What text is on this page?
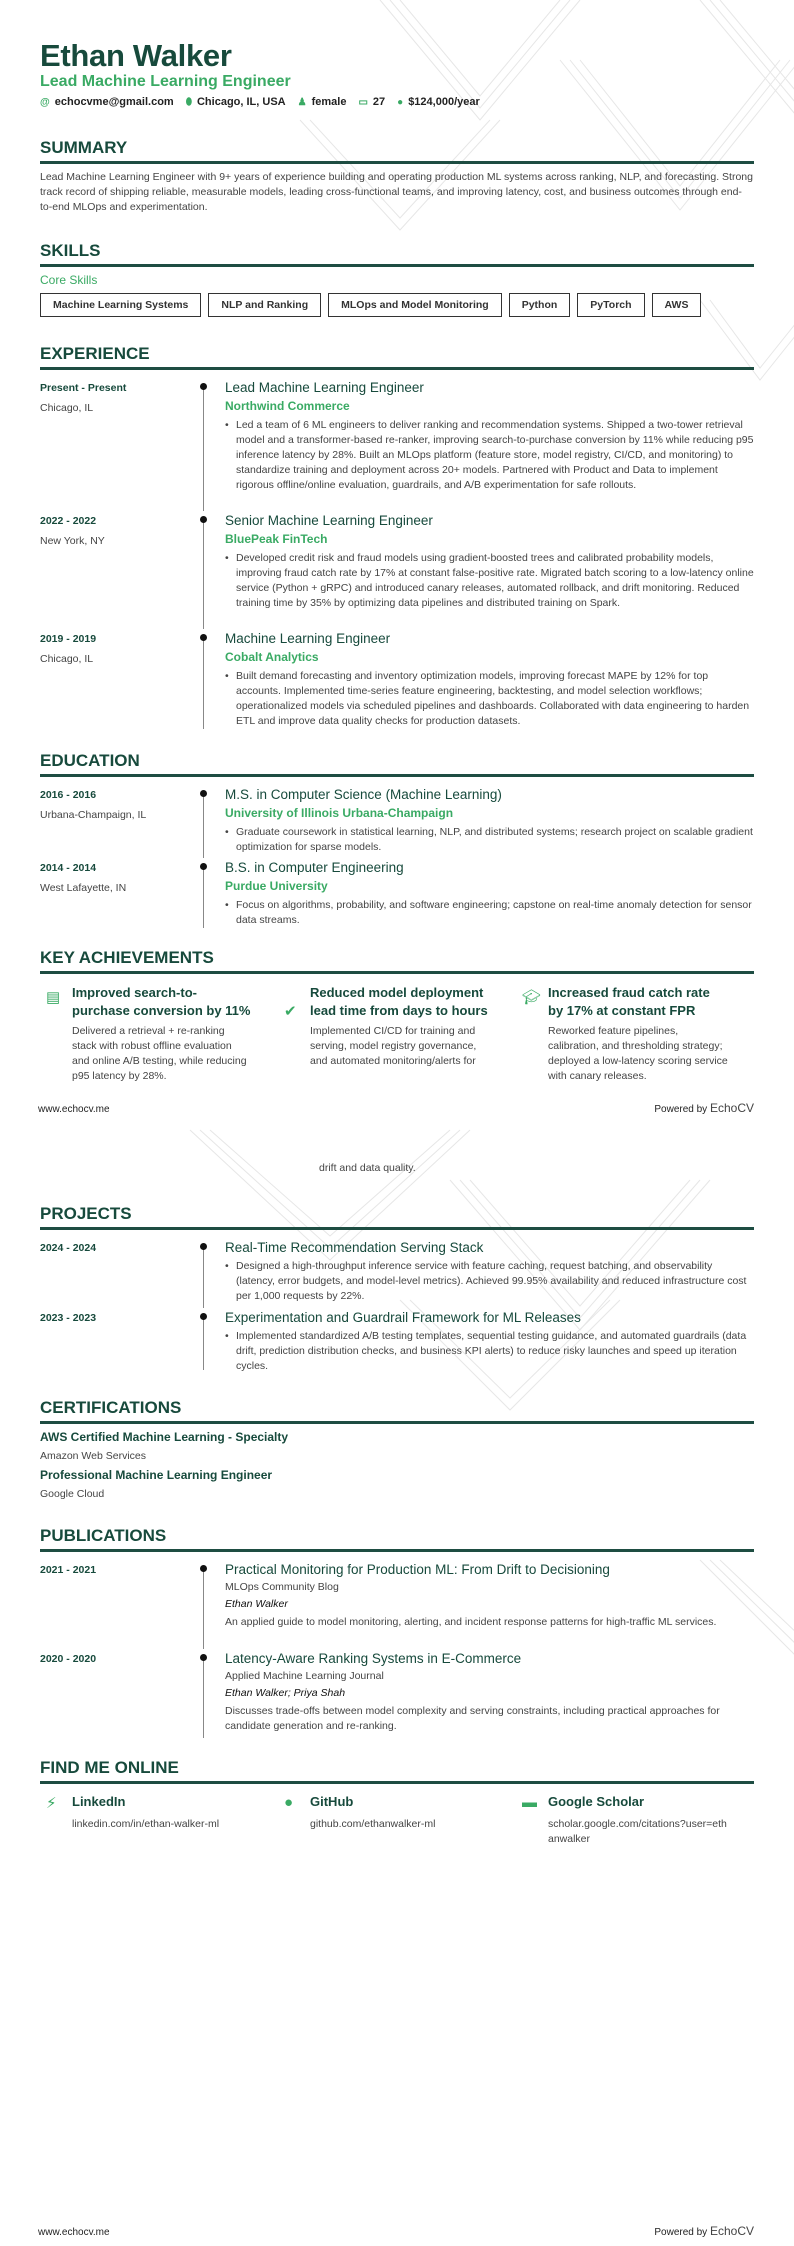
Ethan Walker
Lead Machine Learning Engineer
@ echocvme@gmail.com ⬮ Chicago, IL, USA ♟ female ▭ 27 ● $124,000/year
SUMMARY

Lead Machine Learning Engineer with 9+ years of experience building and operating production ML systems across ranking, NLP, and forecasting. Strong track record of shipping reliable, measurable models, leading cross-functional teams, and improving latency, cost, and business outcomes through end-to-end MLOps and experimentation.

SKILLS
Core Skills
Machine Learning Systems	NLP and Ranking	MLOps and Model Monitoring	Python	PyTorch	AWS
EXPERIENCE
Present - Present
Chicago, IL
Lead Machine Learning Engineer
Northwind Commerce
• Led a team of 6 ML engineers to deliver ranking and recommendation systems. Shipped a two-tower retrieval model and a transformer-based re-ranker, improving search-to-purchase conversion by 11% while reducing p95 inference latency by 28%. Built an MLOps platform (feature store, model registry, CI/CD, and monitoring) to standardize training and deployment across 20+ models. Partnered with Product and Data to implement rigorous offline/online evaluation, guardrails, and A/B experimentation for safe rollouts.
2022 - 2022
New York, NY
Senior Machine Learning Engineer
BluePeak FinTech
• Developed credit risk and fraud models using gradient-boosted trees and calibrated probability models, improving fraud catch rate by 17% at constant false-positive rate. Migrated batch scoring to a low-latency online service (Python + gRPC) and introduced canary releases, automated rollback, and drift monitoring. Reduced training time by 35% by optimizing data pipelines and distributed training on Spark.
2019 - 2019
Chicago, IL
Machine Learning Engineer
Cobalt Analytics
• Built demand forecasting and inventory optimization models, improving forecast MAPE by 12% for top accounts. Implemented time-series feature engineering, backtesting, and model selection workflows; operationalized models via scheduled pipelines and dashboards. Collaborated with data engineering to harden ETL and improve data quality checks for production datasets.
EDUCATION
2016 - 2016
Urbana-Champaign, IL
M.S. in Computer Science (Machine Learning)
University of Illinois Urbana-Champaign
• Graduate coursework in statistical learning, NLP, and distributed systems; research project on scalable gradient optimization for sparse models.
2014 - 2014
West Lafayette, IN
B.S. in Computer Engineering
Purdue University
• Focus on algorithms, probability, and software engineering; capstone on real-time anomaly detection for sensor data streams.
KEY ACHIEVEMENTS
▤ Improved search-to-purchase conversion by 11%

Delivered a retrieval + re-ranking stack with robust offline evaluation and online A/B testing, while reducing p95 latency by 28%.

✔
Reduced model deployment lead time from days to hours

Implemented CI/CD for training and serving, model registry governance, and automated monitoring/alerts for

🎓︎ Increased fraud catch rate by 17% at constant FPR

Reworked feature pipelines, calibration, and thresholding strategy; deployed a low-latency scoring service with canary releases.

www.echocv.me	Powered by EchoCV
drift and data quality.
PROJECTS
2024 - 2024	Real-Time Recommendation Serving Stack
• Designed a high-throughput inference service with feature caching, request batching, and observability (latency, error budgets, and model-level metrics). Achieved 99.95% availability and reduced infrastructure cost per 1,000 requests by 22%.
2023 - 2023	Experimentation and Guardrail Framework for ML Releases
• Implemented standardized A/B testing templates, sequential testing guidance, and automated guardrails (data drift, prediction distribution checks, and business KPI alerts) to reduce risky launches and speed up iteration cycles.
CERTIFICATIONS
AWS Certified Machine Learning - Specialty

Amazon Web Services

Professional Machine Learning Engineer

Google Cloud

PUBLICATIONS
2021 - 2021	Practical Monitoring for Production ML: From Drift to Decisioning
MLOps Community Blog
Ethan Walker

An applied guide to model monitoring, alerting, and incident response patterns for high-traffic ML services.

2020 - 2020	Latency-Aware Ranking Systems in E-Commerce
Applied Machine Learning Journal
Ethan Walker; Priya Shah

Discusses trade-offs between model complexity and serving constraints, including practical approaches for candidate generation and re-ranking.

FIND ME ONLINE
⚡︎	LinkedIn

linkedin.com/in/ethan-walker-ml

●	GitHub

github.com/ethanwalker-ml

▬ Google Scholar

scholar.google.com/citations?user=ethanwalker

www.echocv.me	Powered by EchoCV
